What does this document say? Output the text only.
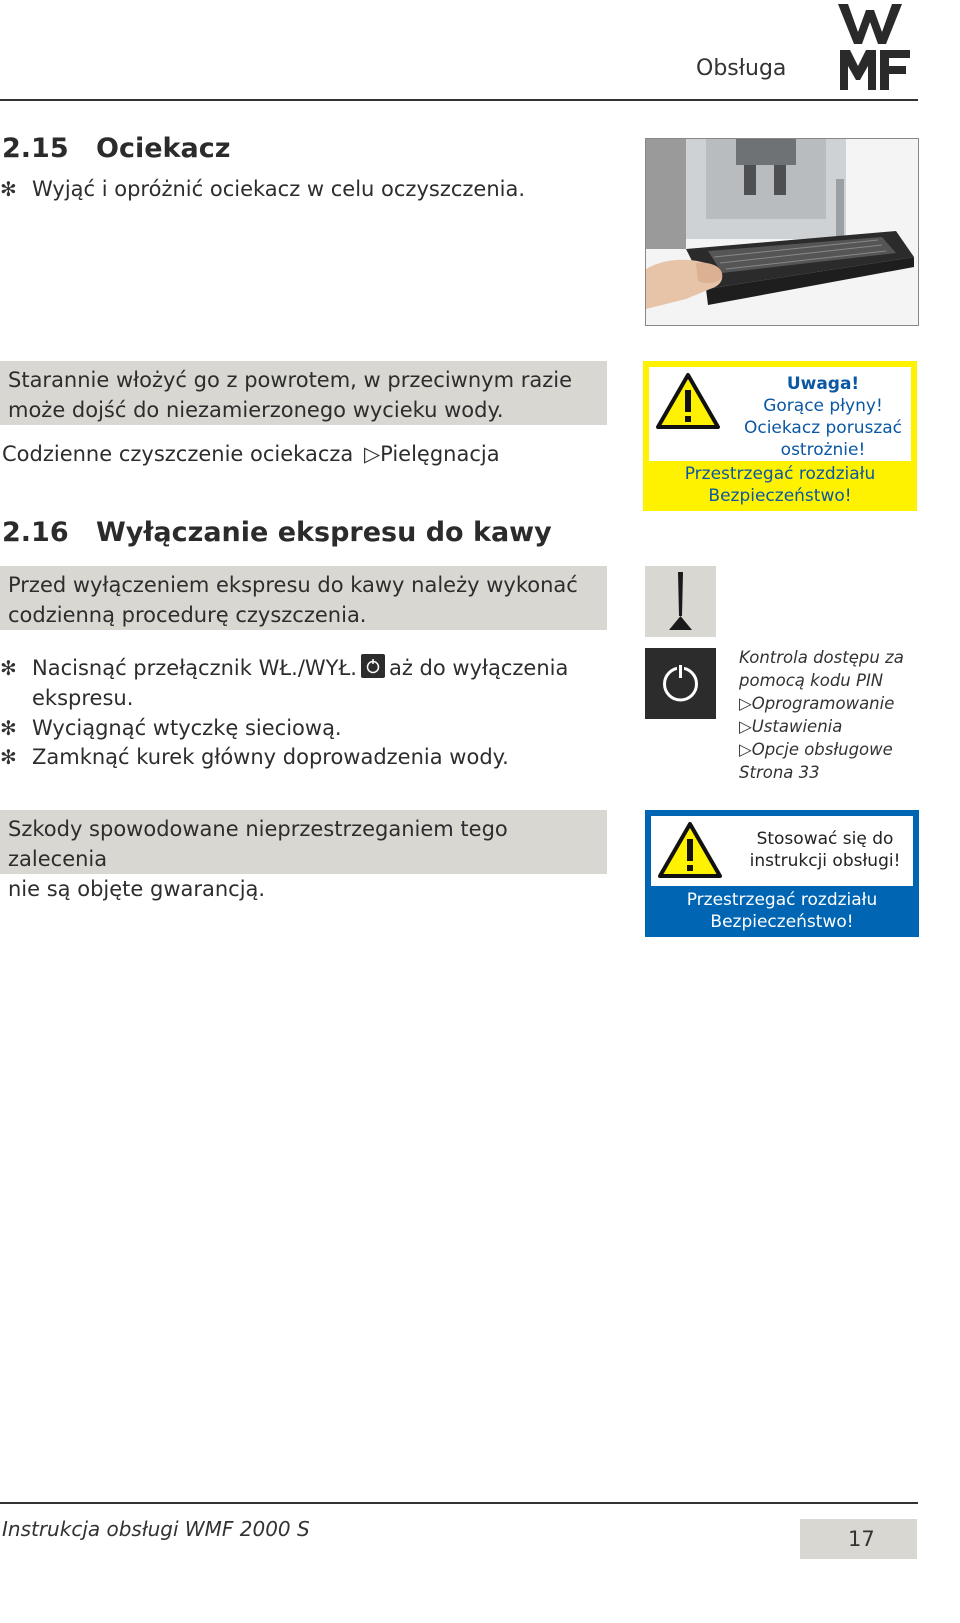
Obsługa
2.15 Ociekacz
✻ Wyjąć i opróżnić ociekacz w celu oczyszczenia.
Starannie włożyć go z powrotem, w przeciwnym razie
może dojść do niezamierzonego wycieku wody.
Codzienne czyszczenie ociekacza ▷Pielęgnacja
Uwaga!
Gorące płyny!
Ociekacz poruszać
ostrożnie!
Przestrzegać rozdziału
Bezpieczeństwo!
2.16 Wyłączanie ekspresu do kawy
Przed wyłączeniem ekspresu do kawy należy wykonać
codzienną procedurę czyszczenia.
✻ Nacisnąć przełącznik WŁ./WYŁ. aż do wyłączenia
ekspresu.
✻ Wyciągnąć wtyczkę sieciową.
✻ Zamknąć kurek główny doprowadzenia wody.
Kontrola dostępu za
pomocą kodu PIN
▷Oprogramowanie
▷Ustawienia
▷Opcje obsługowe
Strona 33
Szkody spowodowane nieprzestrzeganiem tego zalecenia
nie są objęte gwarancją.
Stosować się do
instrukcji obsługi!
Przestrzegać rozdziału
Bezpieczeństwo!
Instrukcja obsługi WMF 2000 S	17
